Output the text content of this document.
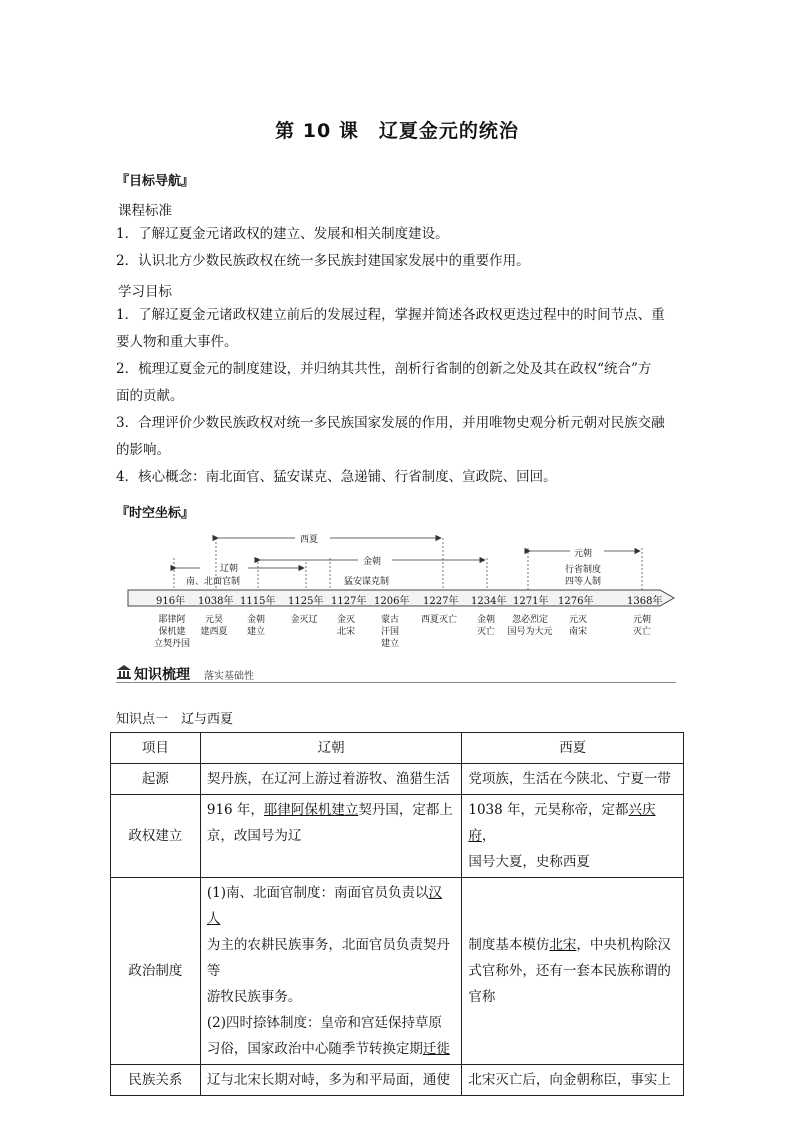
第 10 课　辽夏金元的统治
『目标导航』
课程标准
1．了解辽夏金元诸政权的建立、发展和相关制度建设。
2．认识北方少数民族政权在统一多民族封建国家发展中的重要作用。
学习目标
1．了解辽夏金元诸政权建立前后的发展过程，掌握并简述各政权更迭过程中的时间节点、重
要人物和重大事件。
2．梳理辽夏金元的制度建设，并归纳其共性，剖析行省制的创新之处及其在政权“统合”方
面的贡献。
3．合理评价少数民族政权对统一多民族国家发展的作用，并用唯物史观分析元朝对民族交融
的影响。
4．核心概念：南北面官、猛安谋克、急递铺、行省制度、宣政院、回回。
『时空坐标』
西夏
辽朝
南、北面官制
金朝
猛安谋克制
元朝
行省制度
四等人制
916年 1038年 1115年 1125年 1127年 1206年 1227年 1234年 1271年 1276年	1368年
耶律阿
保机建
立契丹国
元昊
建西夏
金朝
建立
金灭辽	金灭
北宋
蒙古
汗国
建立
西夏灭亡	金朝
灭亡
忽必烈定
国号为大元
元灭
南宋
元朝
灭亡
知识梳理 落实基础性
知识点一　辽与西夏
项目	辽朝	西夏
起源	契丹族，在辽河上游过着游牧、渔猎生活	党项族，生活在今陕北、宁夏一带
政权建立	916 年，耶律阿保机建立契丹国，定都上
京，改国号为辽	1038 年，元昊称帝，定都兴庆府，
国号大夏，史称西夏
政治制度	(1)南、北面官制度：南面官员负责以汉人
为主的农耕民族事务，北面官员负责契丹等
游牧民族事务。
(2)四时捺钵制度：皇帝和宫廷保持草原
习俗，国家政治中心随季节转换定期迁徙	制度基本模仿北宋，中央机构除汉
式官称外，还有一套本民族称谓的
官称
民族关系	辽与北宋长期对峙，多为和平局面，通使	北宋灭亡后，向金朝称臣，事实上
